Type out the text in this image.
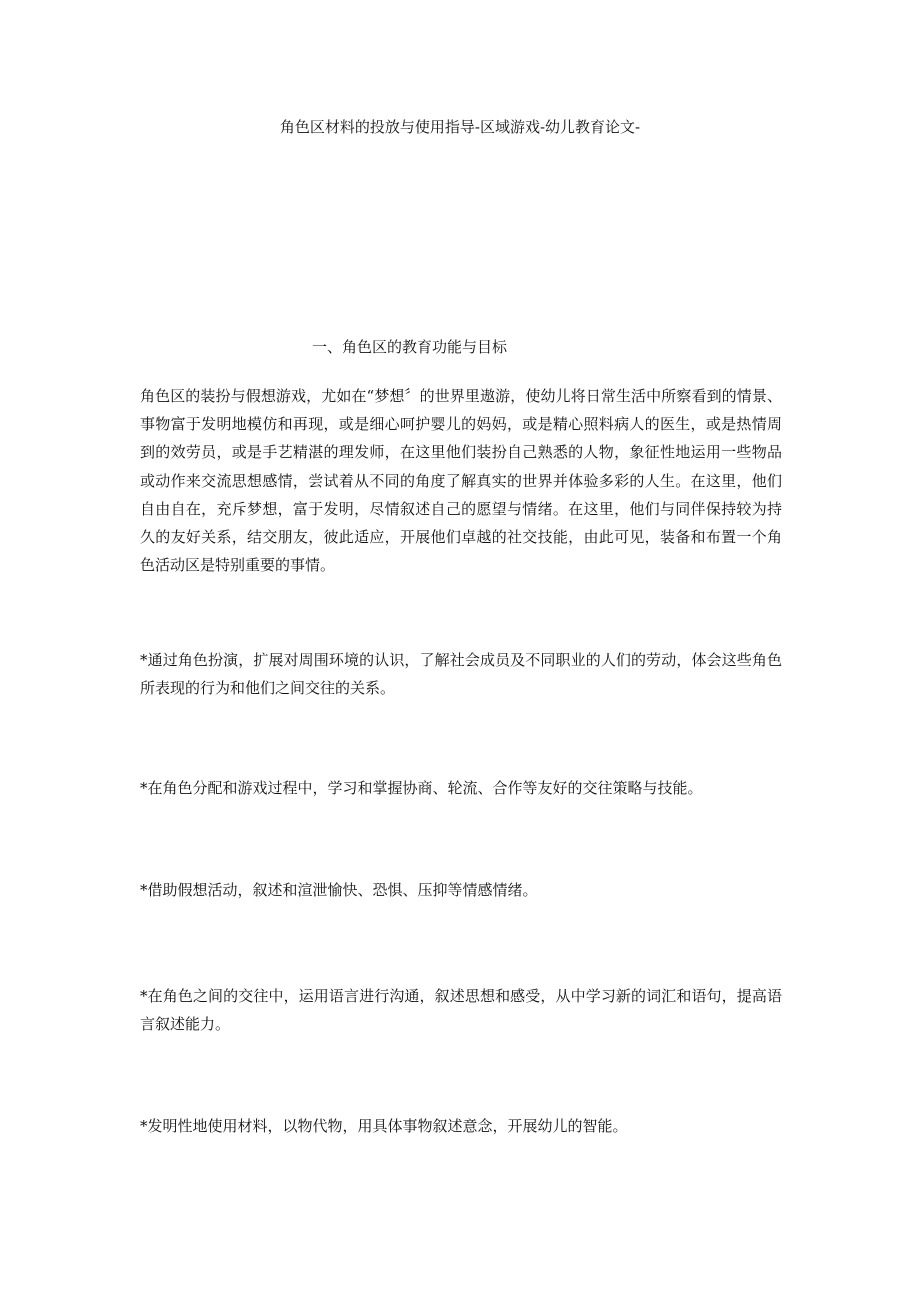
角色区材料的投放与使用指导-区域游戏-幼儿教育论文-
一、角色区的教育功能与目标

角色区的装扮与假想游戏，尤如在“梦想〞的世界里遨游，使幼儿将日常生活中所察看到的情景、事物富于发明地模仿和再现，或是细心呵护婴儿的妈妈，或是精心照料病人的医生，或是热情周到的效劳员，或是手艺精湛的理发师，在这里他们装扮自己熟悉的人物，象征性地运用一些物品或动作来交流思想感情，尝试着从不同的角度了解真实的世界并体验多彩的人生。在这里，他们自由自在，充斥梦想，富于发明，尽情叙述自己的愿望与情绪。在这里，他们与同伴保持较为持久的友好关系，结交朋友，彼此适应，开展他们卓越的社交技能，由此可见，装备和布置一个角色活动区是特别重要的事情。

*通过角色扮演，扩展对周围环境的认识，了解社会成员及不同职业的人们的劳动，体会这些角色所表现的行为和他们之间交往的关系。

*在角色分配和游戏过程中，学习和掌握协商、轮流、合作等友好的交往策略与技能。

*借助假想活动，叙述和渲泄愉快、恐惧、压抑等情感情绪。

*在角色之间的交往中，运用语言进行沟通，叙述思想和感受，从中学习新的词汇和语句，提高语言叙述能力。

*发明性地使用材料，以物代物，用具体事物叙述意念，开展幼儿的智能。
